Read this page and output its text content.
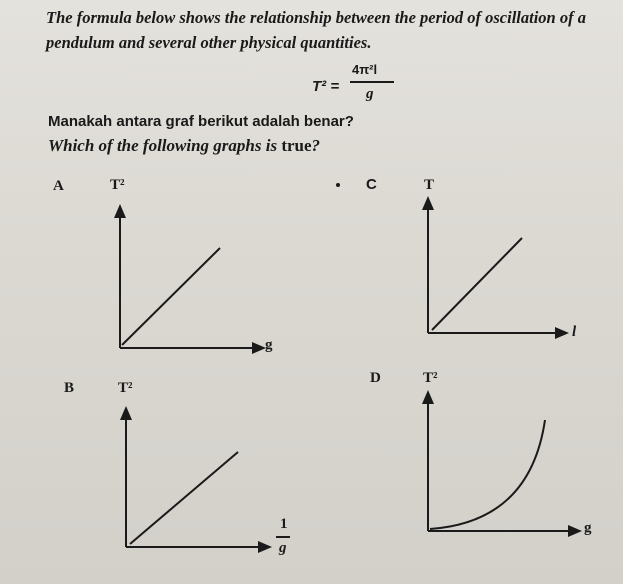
The formula below shows the relationship between the period of oscillation of a
pendulum and several other physical quantities.
T² =
4π²l
g
Manakah antara graf berikut adalah benar?
Which of the following graphs is true?
A	T²
g
C	T
l
B	T²
1
g
D	T²
g
